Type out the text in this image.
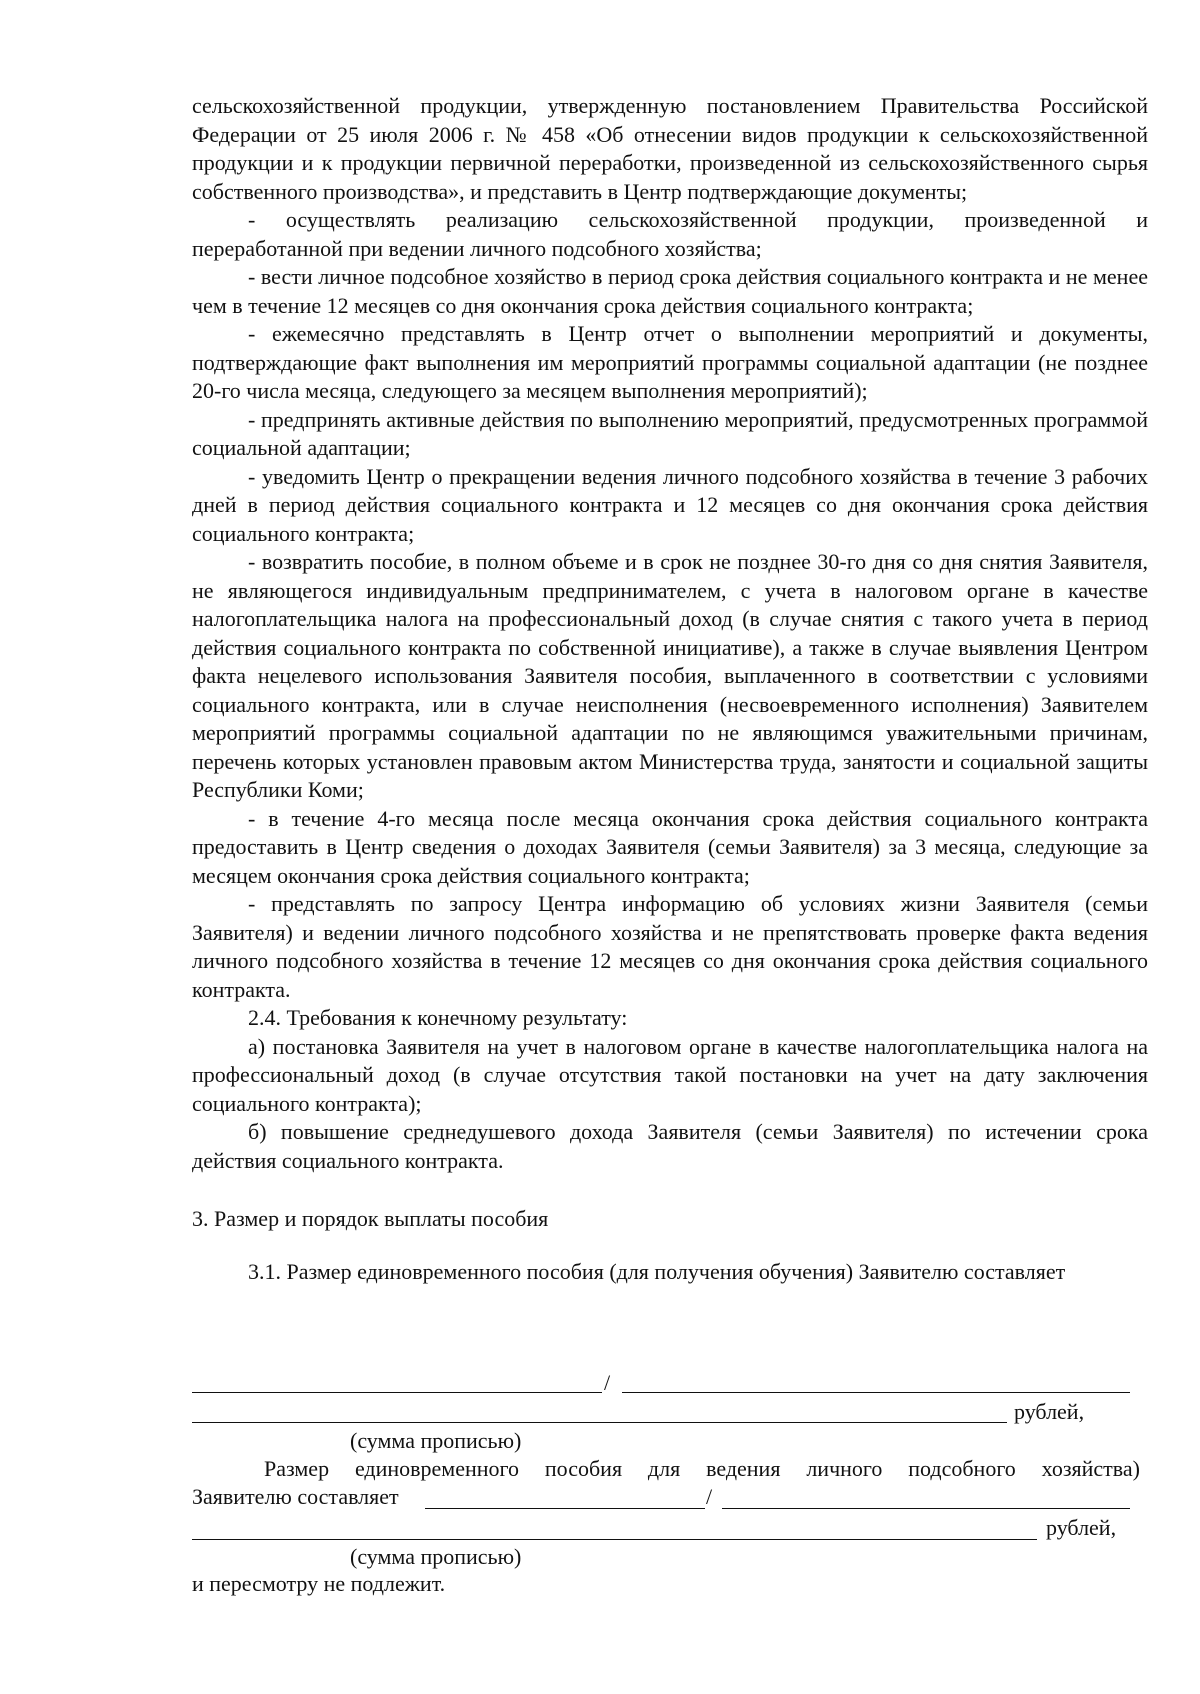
сельскохозяйственной продукции, утвержденную постановлением Правительства Российской Федерации от 25 июля 2006 г. № 458 «Об отнесении видов продукции к сельскохозяйственной продукции и к продукции первичной переработки, произведенной из сельскохозяйственного сырья собственного производства», и представить в Центр подтверждающие документы;

- осуществлять реализацию сельскохозяйственной продукции, произведенной и переработанной при ведении личного подсобного хозяйства;

- вести личное подсобное хозяйство в период срока действия социального контракта и не менее чем в течение 12 месяцев со дня окончания срока действия социального контракта;

- ежемесячно представлять в Центр отчет о выполнении мероприятий и документы, подтверждающие факт выполнения им мероприятий программы социальной адаптации (не позднее 20-го числа месяца, следующего за месяцем выполнения мероприятий);

- предпринять активные действия по выполнению мероприятий, предусмотренных программой социальной адаптации;

- уведомить Центр о прекращении ведения личного подсобного хозяйства в течение 3 рабочих дней в период действия социального контракта и 12 месяцев со дня окончания срока действия социального контракта;

- возвратить пособие, в полном объеме и в срок не позднее 30-го дня со дня снятия Заявителя, не являющегося индивидуальным предпринимателем, с учета в налоговом органе в качестве налогоплательщика налога на профессиональный доход (в случае снятия с такого учета в период действия социального контракта по собственной инициативе), а также в случае выявления Центром факта нецелевого использования Заявителя пособия, выплаченного в соответствии с условиями социального контракта, или в случае неисполнения (несвоевременного исполнения) Заявителем мероприятий программы социальной адаптации по не являющимся уважительными причинам, перечень которых установлен правовым актом Министерства труда, занятости и социальной защиты Республики Коми;

- в течение 4-го месяца после месяца окончания срока действия социального контракта предоставить в Центр сведения о доходах Заявителя (семьи Заявителя) за 3 месяца, следующие за месяцем окончания срока действия социального контракта;

- представлять по запросу Центра информацию об условиях жизни Заявителя (семьи Заявителя) и ведении личного подсобного хозяйства и не препятствовать проверке факта ведения личного подсобного хозяйства в течение 12 месяцев со дня окончания срока действия социального контракта.

2.4. Требования к конечному результату:

а) постановка Заявителя на учет в налоговом органе в качестве налогоплательщика налога на профессиональный доход (в случае отсутствия такой постановки на учет на дату заключения социального контракта);

б) повышение среднедушевого дохода Заявителя (семьи Заявителя) по истечении срока действия социального контракта.

3. Размер и порядок выплаты пособия

3.1. Размер единовременного пособия (для получения обучения) Заявителю составляет

/
рублей,
(сумма прописью)
Размер единовременного пособия для ведения личного подсобного хозяйства)
Заявителю составляет	/
рублей,
(сумма прописью)
и пересмотру не подлежит.
